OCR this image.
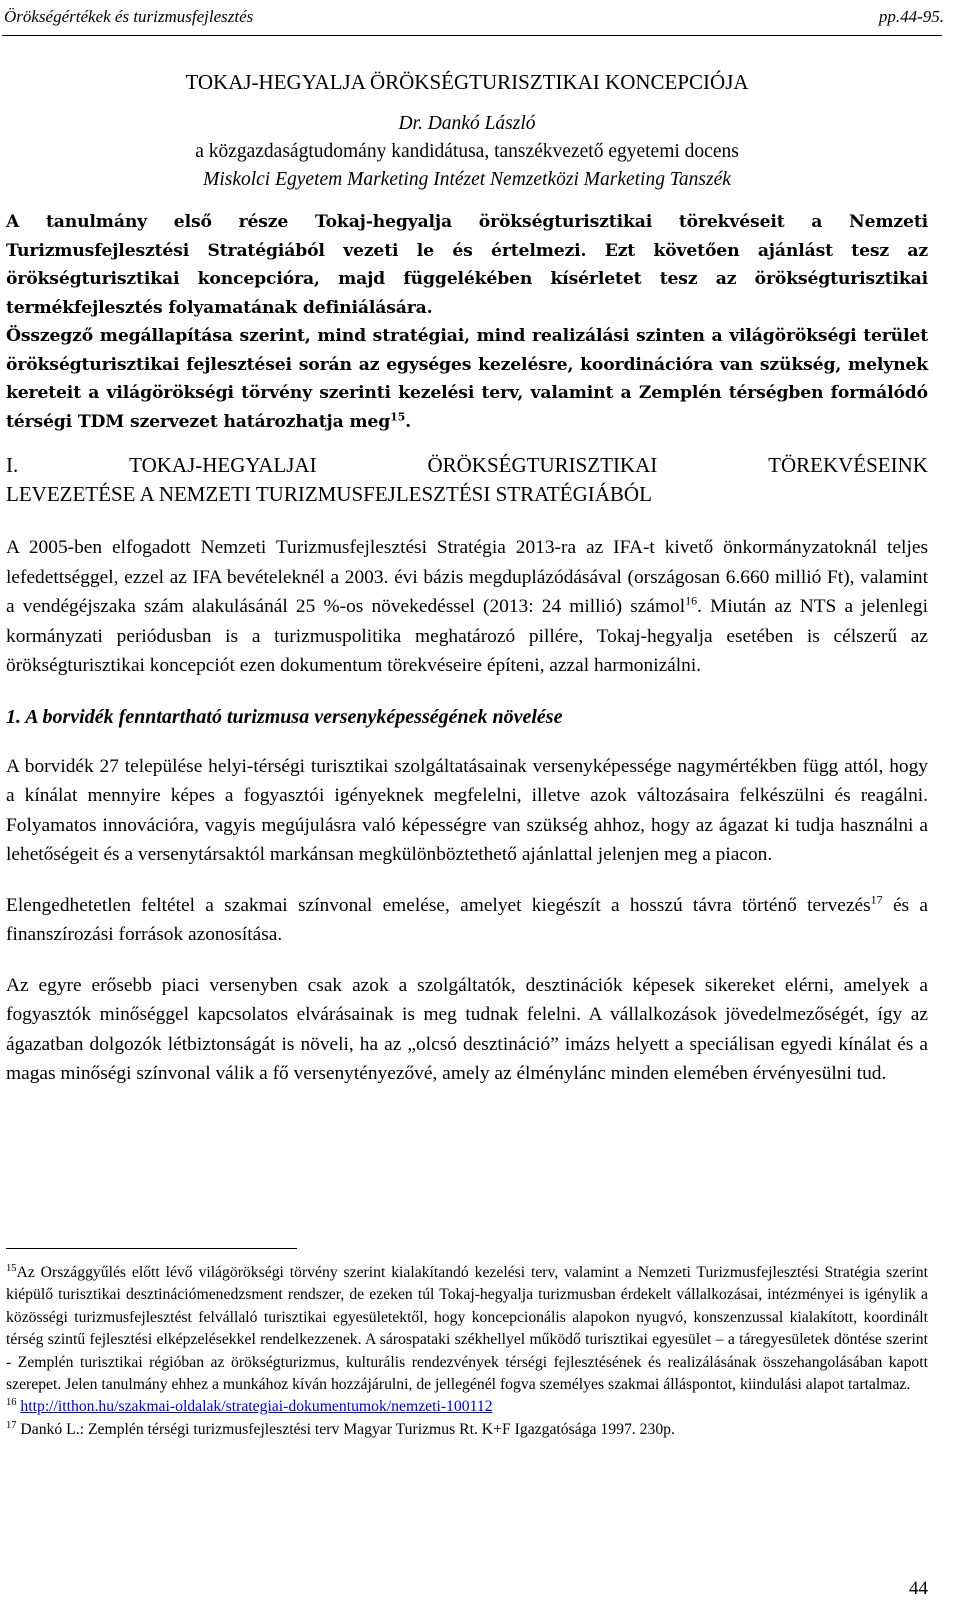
Örökségértékek és turizmusfejlesztés	pp.44-95.
TOKAJ-HEGYALJA ÖRÖKSÉGTURISZTIKAI KONCEPCIÓJA
Dr. Dankó László
a közgazdaságtudomány kandidátusa, tanszékvezető egyetemi docens
Miskolci Egyetem Marketing Intézet Nemzetközi Marketing Tanszék

A tanulmány első része Tokaj-hegyalja örökségturisztikai törekvéseit a Nemzeti Turizmusfejlesztési Stratégiából vezeti le és értelmezi. Ezt követően ajánlást tesz az örökségturisztikai koncepcióra, majd függelékében kísérletet tesz az örökségturisztikai termékfejlesztés folyamatának definiálására.

Összegző megállapítása szerint, mind stratégiai, mind realizálási szinten a világörökségi terület örökségturisztikai fejlesztései során az egységes kezelésre, koordinációra van szükség, melynek kereteit a világörökségi törvény szerinti kezelési terv, valamint a Zemplén térségben formálódó térségi TDM szervezet határozhatja meg$^{15}$.

I.	TOKAJ-HEGYALJAI	ÖRÖKSÉGTURISZTIKAI	TÖREKVÉSEINK
LEVEZETÉSE A NEMZETI TURIZMUSFEJLESZTÉSI STRATÉGIÁBÓL

A 2005-ben elfogadott Nemzeti Turizmusfejlesztési Stratégia 2013-ra az IFA-t kivető önkormányzatoknál teljes lefedettséggel, ezzel az IFA bevételeknél a 2003. évi bázis megduplázódásával (országosan 6.660 millió Ft), valamint a vendégéjszaka szám alakulásánál 25 %-os növekedéssel (2013: 24 millió) számol$^{16}$. Miután az NTS a jelenlegi kormányzati periódusban is a turizmuspolitika meghatározó pillére, Tokaj-hegyalja esetében is célszerű az örökségturisztikai koncepciót ezen dokumentum törekvéseire építeni, azzal harmonizálni.

1. A borvidék fenntartható turizmusa versenyképességének növelése

A borvidék 27 települése helyi-térségi turisztikai szolgáltatásainak versenyképessége nagymértékben függ attól, hogy a kínálat mennyire képes a fogyasztói igényeknek megfelelni, illetve azok változásaira felkészülni és reagálni. Folyamatos innovációra, vagyis megújulásra való képességre van szükség ahhoz, hogy az ágazat ki tudja használni a lehetőségeit és a versenytársaktól markánsan megkülönböztethető ajánlattal jelenjen meg a piacon.

Elengedhetetlen feltétel a szakmai színvonal emelése, amelyet kiegészít a hosszú távra történő tervezés$^{17}$ és a finanszírozási források azonosítása.

Az egyre erősebb piaci versenyben csak azok a szolgáltatók, desztinációk képesek sikereket elérni, amelyek a fogyasztók minőséggel kapcsolatos elvárásainak is meg tudnak felelni. A vállalkozások jövedelmezőségét, így az ágazatban dolgozók létbiztonságát is növeli, ha az „olcsó desztináció” imázs helyett a speciálisan egyedi kínálat és a magas minőségi színvonal válik a fő versenytényezővé, amely az élménylánc minden elemében érvényesülni tud.

$^{15}$Az Országgyűlés előtt lévő világörökségi törvény szerint kialakítandó kezelési terv, valamint a Nemzeti Turizmusfejlesztési Stratégia szerint kiépülő turisztikai desztinációmenedzsment rendszer, de ezeken túl Tokaj-hegyalja turizmusban érdekelt vállalkozásai, intézményei is igénylik a közösségi turizmusfejlesztést felvállaló turisztikai egyesületektől, hogy koncepcionális alapokon nyugvó, konszenzussal kialakított, koordinált térség szintű fejlesztési elképzelésekkel rendelkezzenek. A sárospataki székhellyel működő turisztikai egyesület – a táregyesületek döntése szerint - Zemplén turisztikai régióban az örökségturizmus, kulturális rendezvények térségi fejlesztésének és realizálásának összehangolásában kapott szerepet. Jelen tanulmány ehhez a munkához kíván hozzájárulni, de jellegénél fogva személyes szakmai álláspontot, kiindulási alapot tartalmaz.

$^{16}$ http://itthon.hu/szakmai-oldalak/strategiai-dokumentumok/nemzeti-100112

$^{17}$ Dankó L.: Zemplén térségi turizmusfejlesztési terv Magyar Turizmus Rt. K+F Igazgatósága 1997. 230p.

44
